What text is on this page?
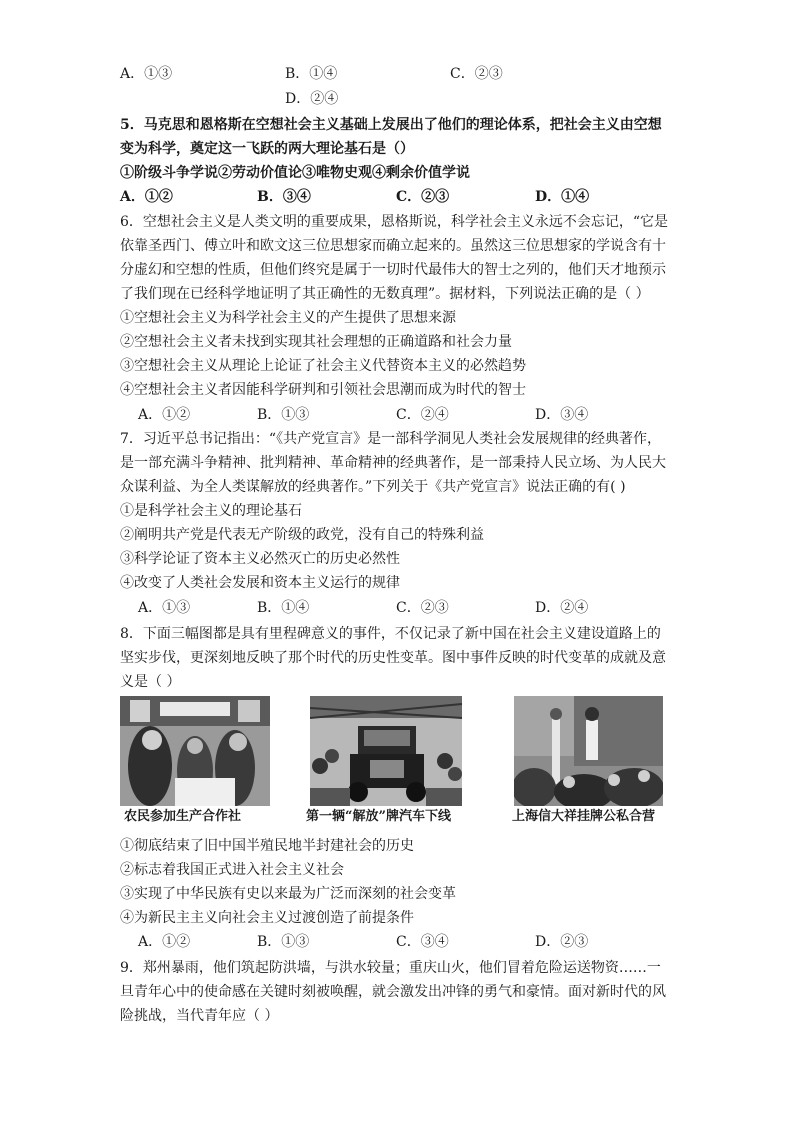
A．①③	B．①④	C．②③
D．②④
5．马克思和恩格斯在空想社会主义基础上发展出了他们的理论体系，把社会主义由空想
变为科学，奠定这一飞跃的两大理论基石是（）
①阶级斗争学说②劳动价值论③唯物史观④剩余价值学说
A．①②	B．③④	C．②③	D．①④
6．空想社会主义是人类文明的重要成果，恩格斯说，科学社会主义永远不会忘记，“它是
依靠圣西门、傅立叶和欧文这三位思想家而确立起来的。虽然这三位思想家的学说含有十
分虚幻和空想的性质，但他们终究是属于一切时代最伟大的智士之列的，他们天才地预示
了我们现在已经科学地证明了其正确性的无数真理”。据材料，下列说法正确的是（ ）
①空想社会主义为科学社会主义的产生提供了思想来源
②空想社会主义者未找到实现其社会理想的正确道路和社会力量
③空想社会主义从理论上论证了社会主义代替资本主义的必然趋势
④空想社会主义者因能科学研判和引领社会思潮而成为时代的智士
A．①②	B．①③	C．②④	D．③④
7．习近平总书记指出：“《共产党宣言》是一部科学洞见人类社会发展规律的经典著作，
是一部充满斗争精神、批判精神、革命精神的经典著作，是一部秉持人民立场、为人民大
众谋利益、为全人类谋解放的经典著作。”下列关于《共产党宣言》说法正确的有( )
①是科学社会主义的理论基石
②阐明共产党是代表无产阶级的政党，没有自己的特殊利益
③科学论证了资本主义必然灭亡的历史必然性
④改变了人类社会发展和资本主义运行的规律
A．①③	B．①④	C．②③	D．②④
8．下面三幅图都是具有里程碑意义的事件，不仅记录了新中国在社会主义建设道路上的
坚实步伐，更深刻地反映了那个时代的历史性变革。图中事件反映的时代变革的成就及意
义是（ ）
农民参加生产合作社	第一辆“解放”牌汽车下线	上海信大祥挂牌公私合营
①彻底结束了旧中国半殖民地半封建社会的历史
②标志着我国正式进入社会主义社会
③实现了中华民族有史以来最为广泛而深刻的社会变革
④为新民主主义向社会主义过渡创造了前提条件
A．①②	B．①③	C．③④	D．②③
9．郑州暴雨，他们筑起防洪墙，与洪水较量；重庆山火，他们冒着危险运送物资……一
旦青年心中的使命感在关键时刻被唤醒，就会激发出冲锋的勇气和豪情。面对新时代的风
险挑战，当代青年应（ ）
